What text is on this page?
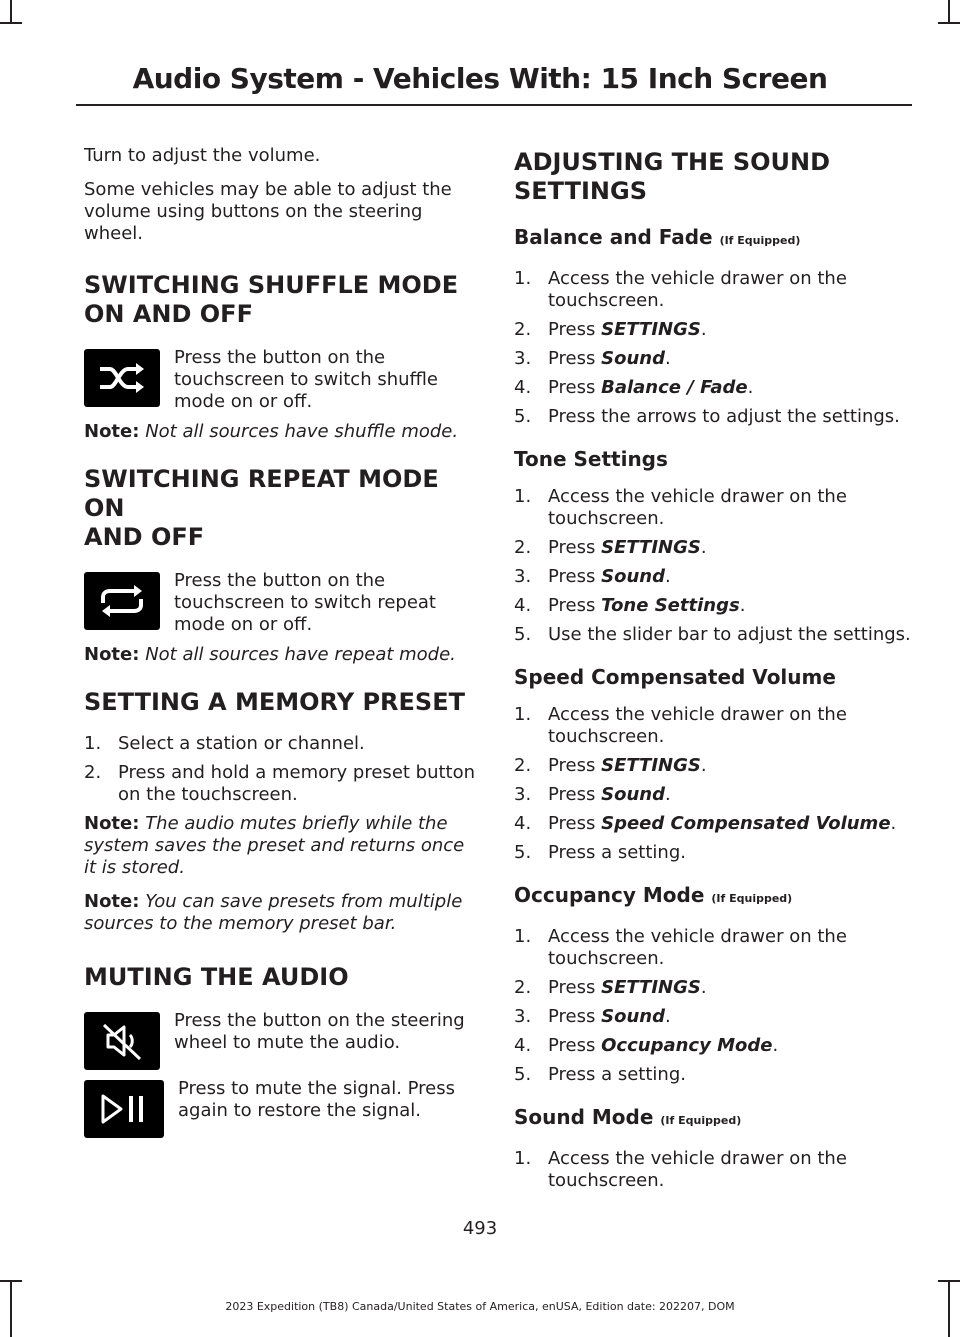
Audio System - Vehicles With: 15 Inch Screen

Turn to adjust the volume.

Some vehicles may be able to adjust the volume using buttons on the steering wheel.

SWITCHING SHUFFLE MODE
ON AND OFF

Press the button on the touchscreen to switch shuffle mode on or off.

Note: Not all sources have shuffle mode.
SWITCHING REPEAT MODE ON
AND OFF

Press the button on the touchscreen to switch repeat mode on or off.

Note: Not all sources have repeat mode.
SETTING A MEMORY PRESET
1. Select a station or channel.
2. Press and hold a memory preset button on the touchscreen.
Note: The audio mutes briefly while the system saves the preset and returns once it is stored.
Note: You can save presets from multiple sources to the memory preset bar.
MUTING THE AUDIO

Press the button on the steering wheel to mute the audio.

Press to mute the signal. Press again to restore the signal.

ADJUSTING THE SOUND
SETTINGS
Balance and Fade (If Equipped)
1. Access the vehicle drawer on the touchscreen.
2. Press SETTINGS.
3. Press Sound.
4. Press Balance / Fade.
5. Press the arrows to adjust the settings.
Tone Settings
1. Access the vehicle drawer on the touchscreen.
2. Press SETTINGS.
3. Press Sound.
4. Press Tone Settings.
5. Use the slider bar to adjust the settings.
Speed Compensated Volume
1. Access the vehicle drawer on the touchscreen.
2. Press SETTINGS.
3. Press Sound.
4. Press Speed Compensated Volume.
5. Press a setting.
Occupancy Mode (If Equipped)
1. Access the vehicle drawer on the touchscreen.
2. Press SETTINGS.
3. Press Sound.
4. Press Occupancy Mode.
5. Press a setting.
Sound Mode (If Equipped)
1. Access the vehicle drawer on the touchscreen.
493
2023 Expedition (TB8) Canada/United States of America, enUSA, Edition date: 202207, DOM
